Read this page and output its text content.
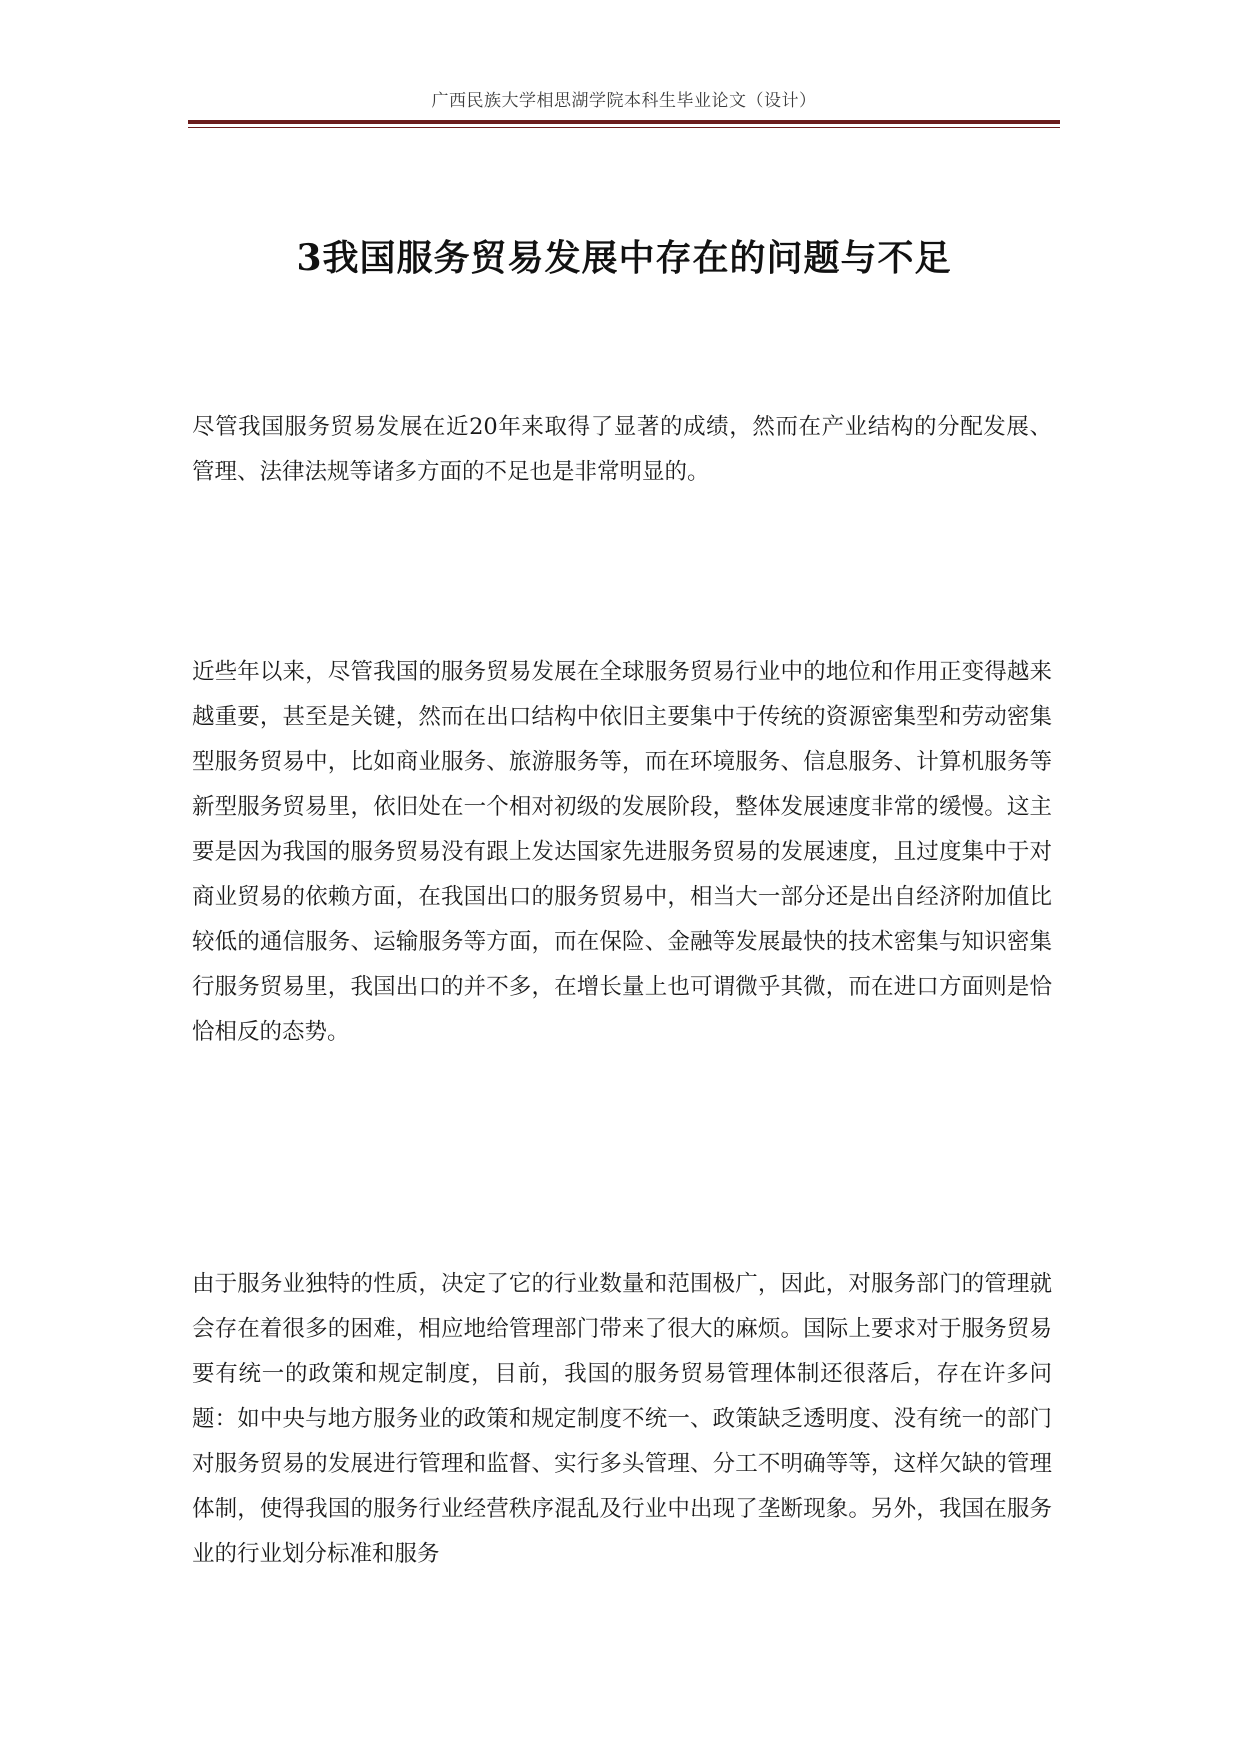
广西民族大学相思湖学院本科生毕业论文（设计）
3我国服务贸易发展中存在的问题与不足

尽管我国服务贸易发展在近20年来取得了显著的成绩，然而在产业结构的分配发展、管理、法律法规等诸多方面的不足也是非常明显的。

近些年以来，尽管我国的服务贸易发展在全球服务贸易行业中的地位和作用正变得越来越重要，甚至是关键，然而在出口结构中依旧主要集中于传统的资源密集型和劳动密集型服务贸易中，比如商业服务、旅游服务等，而在环境服务、信息服务、计算机服务等新型服务贸易里，依旧处在一个相对初级的发展阶段，整体发展速度非常的缓慢。这主要是因为我国的服务贸易没有跟上发达国家先进服务贸易的发展速度，且过度集中于对商业贸易的依赖方面，在我国出口的服务贸易中，相当大一部分还是出自经济附加值比较低的通信服务、运输服务等方面，而在保险、金融等发展最快的技术密集与知识密集行服务贸易里，我国出口的并不多，在增长量上也可谓微乎其微，而在进口方面则是恰恰相反的态势。

由于服务业独特的性质，决定了它的行业数量和范围极广，因此，对服务部门的管理就会存在着很多的困难，相应地给管理部门带来了很大的麻烦。国际上要求对于服务贸易要有统一的政策和规定制度，目前，我国的服务贸易管理体制还很落后，存在许多问题：如中央与地方服务业的政策和规定制度不统一、政策缺乏透明度、没有统一的部门对服务贸易的发展进行管理和监督、实行多头管理、分工不明确等等，这样欠缺的管理体制，使得我国的服务行业经营秩序混乱及行业中出现了垄断现象。另外，我国在服务业的行业划分标准和服务
